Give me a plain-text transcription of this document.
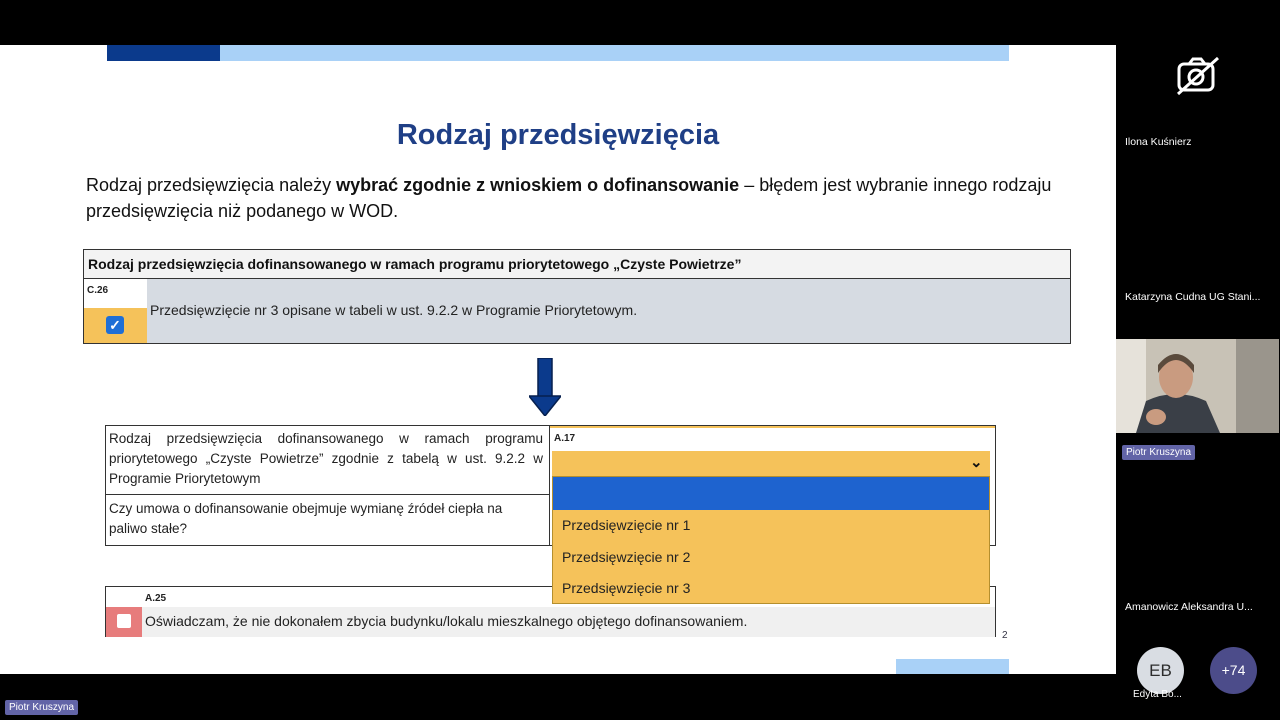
Rodzaj przedsięwzięcia
Rodzaj przedsięwzięcia należy wybrać zgodnie z wnioskiem o dofinansowanie – błędem jest wybranie innego rodzaju przedsięwzięcia niż podanego w WOD.
Rodzaj przedsięwzięcia dofinansowanego w ramach programu priorytetowego „Czyste Powietrze”
C.26
✓
Przedsięwzięcie nr 3 opisane w tabeli w ust. 9.2.2 w Programie Priorytetowym.
Rodzaj przedsięwzięcia dofinansowanego w ramach programu priorytetowego „Czyste Powietrze” zgodnie z tabelą w ust. 9.2.2 w Programie Priorytetowym
Czy umowa o dofinansowanie obejmuje wymianę źródeł ciepła na paliwo stałe?
A.17
A.25
Oświadczam, że nie dokonałem zbycia budynku/lokalu mieszkalnego objętego dofinansowaniem.
2
⌄
Przedsięwzięcie nr 1
Przedsięwzięcie nr 2
Przedsięwzięcie nr 3
Ilona Kuśnierz
Katarzyna Cudna UG Stani...
Piotr Kruszyna
Amanowicz Aleksandra U...
EB
Edyta Bo...
+74
Piotr Kruszyna
